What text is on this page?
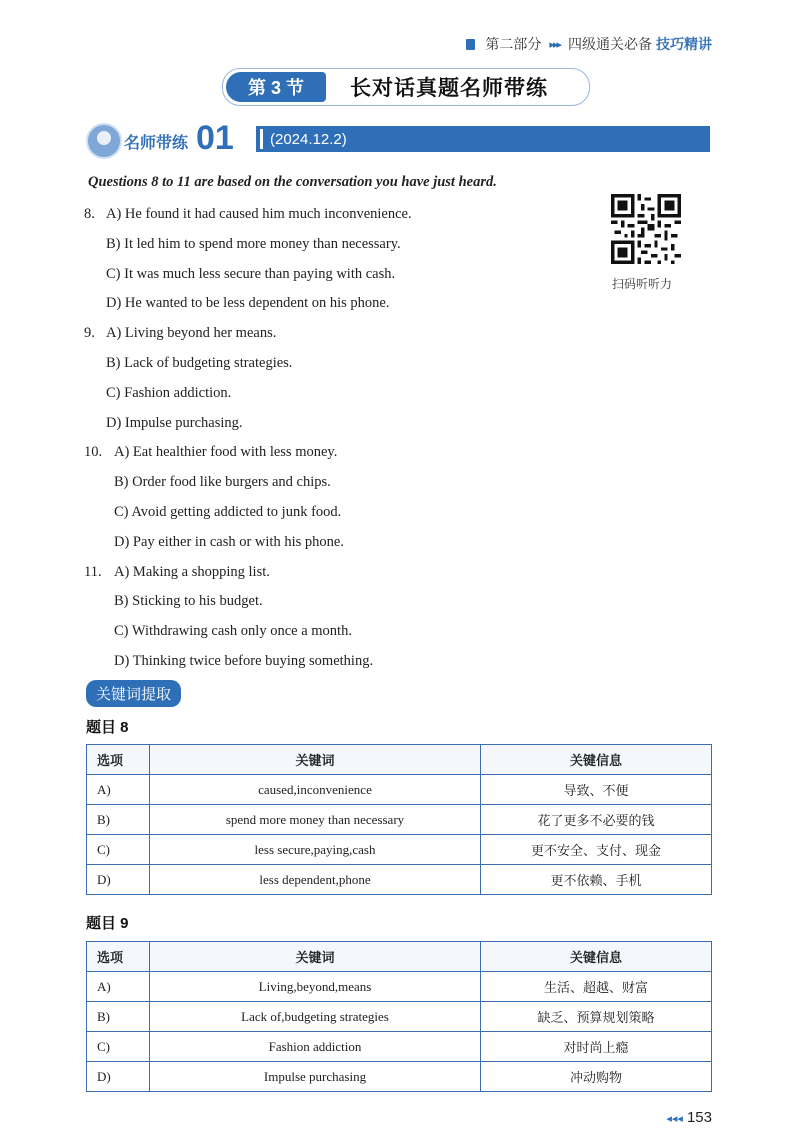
第二部分 ▸▸▸ 四级通关必备 技巧精讲
第 3 节	长对话真题名师带练
名师带练 01 (2024.12.2)
Questions 8 to 11 are based on the conversation you have just heard.
扫码听听力
8. A) He found it had caused him much inconvenience.
B) It led him to spend more money than necessary.
C) It was much less secure than paying with cash.
D) He wanted to be less dependent on his phone.
9. A) Living beyond her means.
B) Lack of budgeting strategies.
C) Fashion addiction.
D) Impulse purchasing.
10. A) Eat healthier food with less money.
B) Order food like burgers and chips.
C) Avoid getting addicted to junk food.
D) Pay either in cash or with his phone.
11. A) Making a shopping list.
B) Sticking to his budget.
C) Withdrawing cash only once a month.
D) Thinking twice before buying something.
关键词提取
题目 8
选项	关键词	关键信息
A)	caused,inconvenience	导致、不便
B)	spend more money than necessary	花了更多不必要的钱
C)	less secure,paying,cash	更不安全、支付、现金
D)	less dependent,phone	更不依赖、手机
题目 9
选项	关键词	关键信息
A)	Living,beyond,means	生活、超越、财富
B)	Lack of,budgeting strategies	缺乏、预算规划策略
C)	Fashion addiction	对时尚上瘾
D)	Impulse purchasing	冲动购物
◂◂◂ 153
